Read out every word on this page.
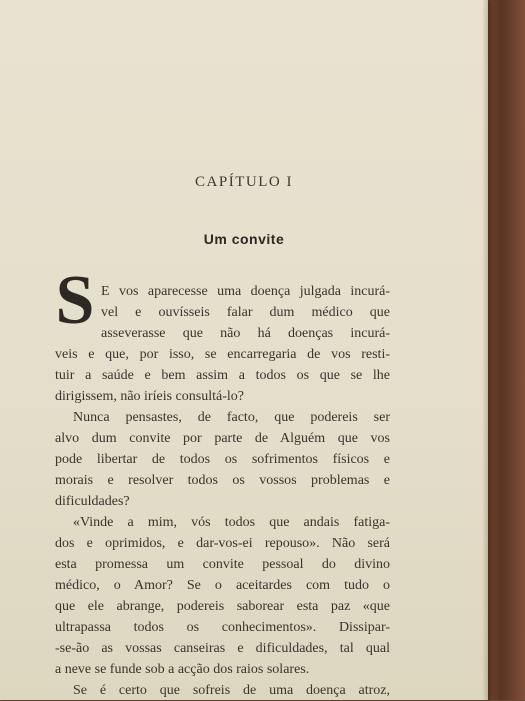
CAPÍTULO I
Um convite
S E vos aparecesse uma doença julgada incurá-
vel e ouvísseis falar dum médico que
asseverasse que não há doenças incurá-
veis e que, por isso, se encarregaria de vos resti-
tuir a saúde e bem assim a todos os que se lhe
dirigissem, não iríeis consultá-lo?
Nunca pensastes, de facto, que podereis ser
alvo dum convite por parte de Alguém que vos
pode libertar de todos os sofrimentos físicos e
morais e resolver todos os vossos problemas e
dificuldades?
«Vinde a mim, vós todos que andais fatiga-
dos e oprimidos, e dar-vos-ei repouso». Não será
esta promessa um convite pessoal do divino
médico, o Amor? Se o aceitardes com tudo o
que ele abrange, podereis saborear esta paz «que
ultrapassa todos os conhecimentos». Dissipar-
-se-ão as vossas canseiras e dificuldades, tal qual
a neve se funde sob a acção dos raios solares.
Se é certo que sofreis de uma doença atroz,
